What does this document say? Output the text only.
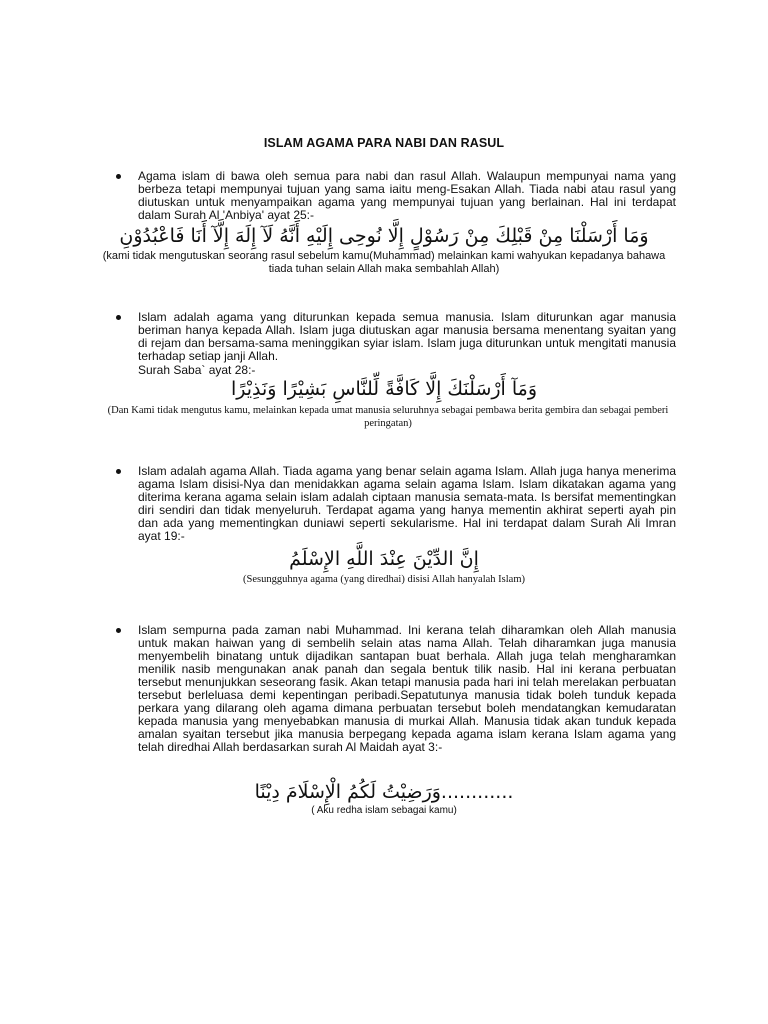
ISLAM AGAMA PARA NABI DAN RASUL
Agama islam di bawa oleh semua para nabi dan rasul Allah. Walaupun mempunyai nama yang berbeza tetapi mempunyai tujuan yang sama iaitu meng-Esakan Allah. Tiada nabi atau rasul yang diutuskan untuk menyampaikan agama yang mempunyai tujuan yang berlainan. Hal ini terdapat dalam Surah Al 'Anbiya' ayat 25:-
وَمَا أَرْسَلْنَا مِنْ قَبْلِكَ مِنْ رَسُوْلٍ إِلَّا نُوحِى إِلَيْهِ أَنَّهُ لَآ إِلَهَ إِلَّآ أَنَا فَاعْبُدُوْنِ
(kami tidak mengutuskan seorang rasul sebelum kamu(Muhammad) melainkan kami wahyukan kepadanya bahawa tiada tuhan selain Allah maka sembahlah Allah)
Islam adalah agama yang diturunkan kepada semua manusia. Islam diturunkan agar manusia beriman hanya kepada Allah. Islam juga diutuskan agar manusia bersama menentang syaitan yang di rejam dan bersama-sama meninggikan syiar islam. Islam juga diturunkan untuk mengitati manusia terhadap setiap janji Allah.
Surah Saba` ayat 28:-
وَمَآ أَرْسَلْنَكَ إِلَّا كَافَّةً لِّلنَّاسِ بَشِيْرًا وَنَذِيْرًا
(Dan Kami tidak mengutus kamu, melainkan kepada umat manusia seluruhnya sebagai pembawa berita gembira dan sebagai pemberi peringatan)
Islam adalah agama Allah. Tiada agama yang benar selain agama Islam. Allah juga hanya menerima agama Islam disisi-Nya dan menidakkan agama selain agama Islam. Islam dikatakan agama yang diterima kerana agama selain islam adalah ciptaan manusia semata-mata. Is bersifat mementingkan diri sendiri dan tidak menyeluruh. Terdapat agama yang hanya mementin akhirat seperti ayah pin dan ada yang mementingkan duniawi seperti sekularisme. Hal ini terdapat dalam Surah Ali Imran ayat 19:-
إِنَّ الدِّيْنَ عِنْدَ اللَّهِ الإِسْلَمُ
(Sesungguhnya agama (yang diredhai) disisi Allah hanyalah Islam)
Islam sempurna pada zaman nabi Muhammad. Ini kerana telah diharamkan oleh Allah manusia untuk makan haiwan yang di sembelih selain atas nama Allah. Telah diharamkan juga manusia menyembelih binatang untuk dijadikan santapan buat berhala. Allah juga telah mengharamkan menilik nasib mengunakan anak panah dan segala bentuk tilik nasib. Hal ini kerana perbuatan tersebut menunjukkan seseorang fasik. Akan tetapi manusia pada hari ini telah merelakan perbuatan tersebut berleluasa demi kepentingan peribadi.Sepatutunya manusia tidak boleh tunduk kepada perkara yang dilarang oleh agama dimana perbuatan tersebut boleh mendatangkan kemudaratan kepada manusia yang menyebabkan manusia di murkai Allah. Manusia tidak akan tunduk kepada amalan syaitan tersebut jika manusia berpegang kepada agama islam kerana Islam agama yang telah diredhai Allah berdasarkan surah Al Maidah ayat 3:-
............وَرَضِيْتُ لَكُمُ الْإِسْلَامَ دِيْنًا
( Aku redha islam sebagai kamu)
